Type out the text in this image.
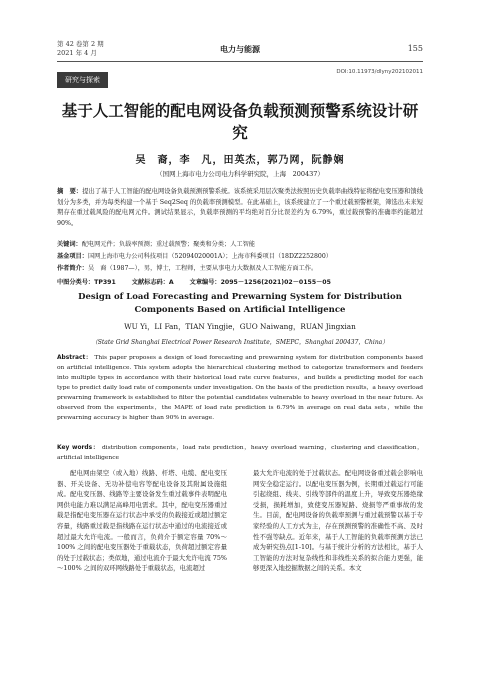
第 42 卷第 2 期
2021 年 4 月	电力与能源	155
DOI:10.11973/dlyny202102011
研究与探索
基于人工智能的配电网设备负载预测预警系统设计研究
吴　裔，李　凡，田英杰，郭乃网，阮静娴
（国网上海市电力公司电力科学研究院，上海　200437）
摘　要：提出了基于人工智能的配电网设备负载预测预警系统。该系统采用层次聚类法按照历史负载率曲线特征将配电变压器和馈线划分为多类，并为每类构建一个基于 Seq2Seq 的负载率预测模型。在此基础上，该系统建立了一个重过载预警框架，筛选出未来短期存在重过载风险的配电网元件。测试结果显示，负载率预测的平均绝对百分比误差约为 6.79%，重过载预警的准确率约能超过 90%。
关键词：配电网元件；负载率预测；重过载预警；聚类和分类；人工智能
基金项目：国网上海市电力公司科技项目（52094020001A）；上海市科委项目（18DZ2252800）
作者简介：吴　裔（1987—），男，博士，工程师，主要从事电力大数据及人工智能方面工作。
中图分类号：TP391	文献标志码：A	文章编号：2095－1256(2021)02－0155－05
Design of Load Forecasting and Prewarning System for Distribution Components Based on Artificial Intelligence
WU Yi，LI Fan，TIAN Yingjie，GUO Naiwang，RUAN Jingxian
（State Grid Shanghai Electrical Power Research Institute，SMEPC，Shanghai 200437，China）
Abstract： This paper proposes a design of load forecasting and prewarning system for distribution components based on artificial intelligence. This system adopts the hierarchical clustering method to categorize transformers and feeders into multiple types in accordance with their historical load rate curve features，and builds a predicting model for each type to predict daily load rate of components under investigation. On the basis of the prediction results，a heavy overload prewarning framework is established to filter the potential candidates vulnerable to heavy overload in the near future. As observed from the experiments，the MAPE of load rate prediction is 6.79% in average on real data sets，while the prewarning accuracy is higher than 90% in average.
Key words： distribution components，load rate prediction，heavy overload warning，clustering and classification，artificial intelligence

配电网由架空（或入地）线路、杆塔、电缆、配电变压器、开关设备、无功补偿电容等配电设备及其附属设施组成。配电变压器、线路等主要设备发生重过载事件表明配电网供电能力难以满足高峰用电需求。其中，配电变压器重过载是指配电变压器在运行状态中承受的负载接近或超过额定容量，线路重过载是指线路在运行状态中通过的电流接近或超过最大允许电流。一般而言，负荷介于额定容量 70%～100% 之间的配电变压器处于重载状态，负荷超过额定容量的处于过载状态；类似地，通过电流介于最大允许电流 75%～100% 之间的双环网线路处于重载状态，电流超过

最大允许电流的处于过载状态。配电网设备重过载会影响电网安全稳定运行。以配电变压器为例，长期重过载运行可能引起绕组、线夹、引线等部件的温度上升，导致变压器绝缘受损，损耗增加，致使变压器短路、烧损等严重事故的发生。目前，配电网设备的负载率预测与重过载预警以基于专家经验的人工方式为主，存在预测预警的准确性不高、及时性不强等缺点。近年来，基于人工智能的负载率预测方法已成为研究热点[1-10]。与基于统计分析的方法相比，基于人工智能的方法对复杂线性和非线性关系的拟合能力更强，能够更深入地挖掘数据之间的关系。本文
